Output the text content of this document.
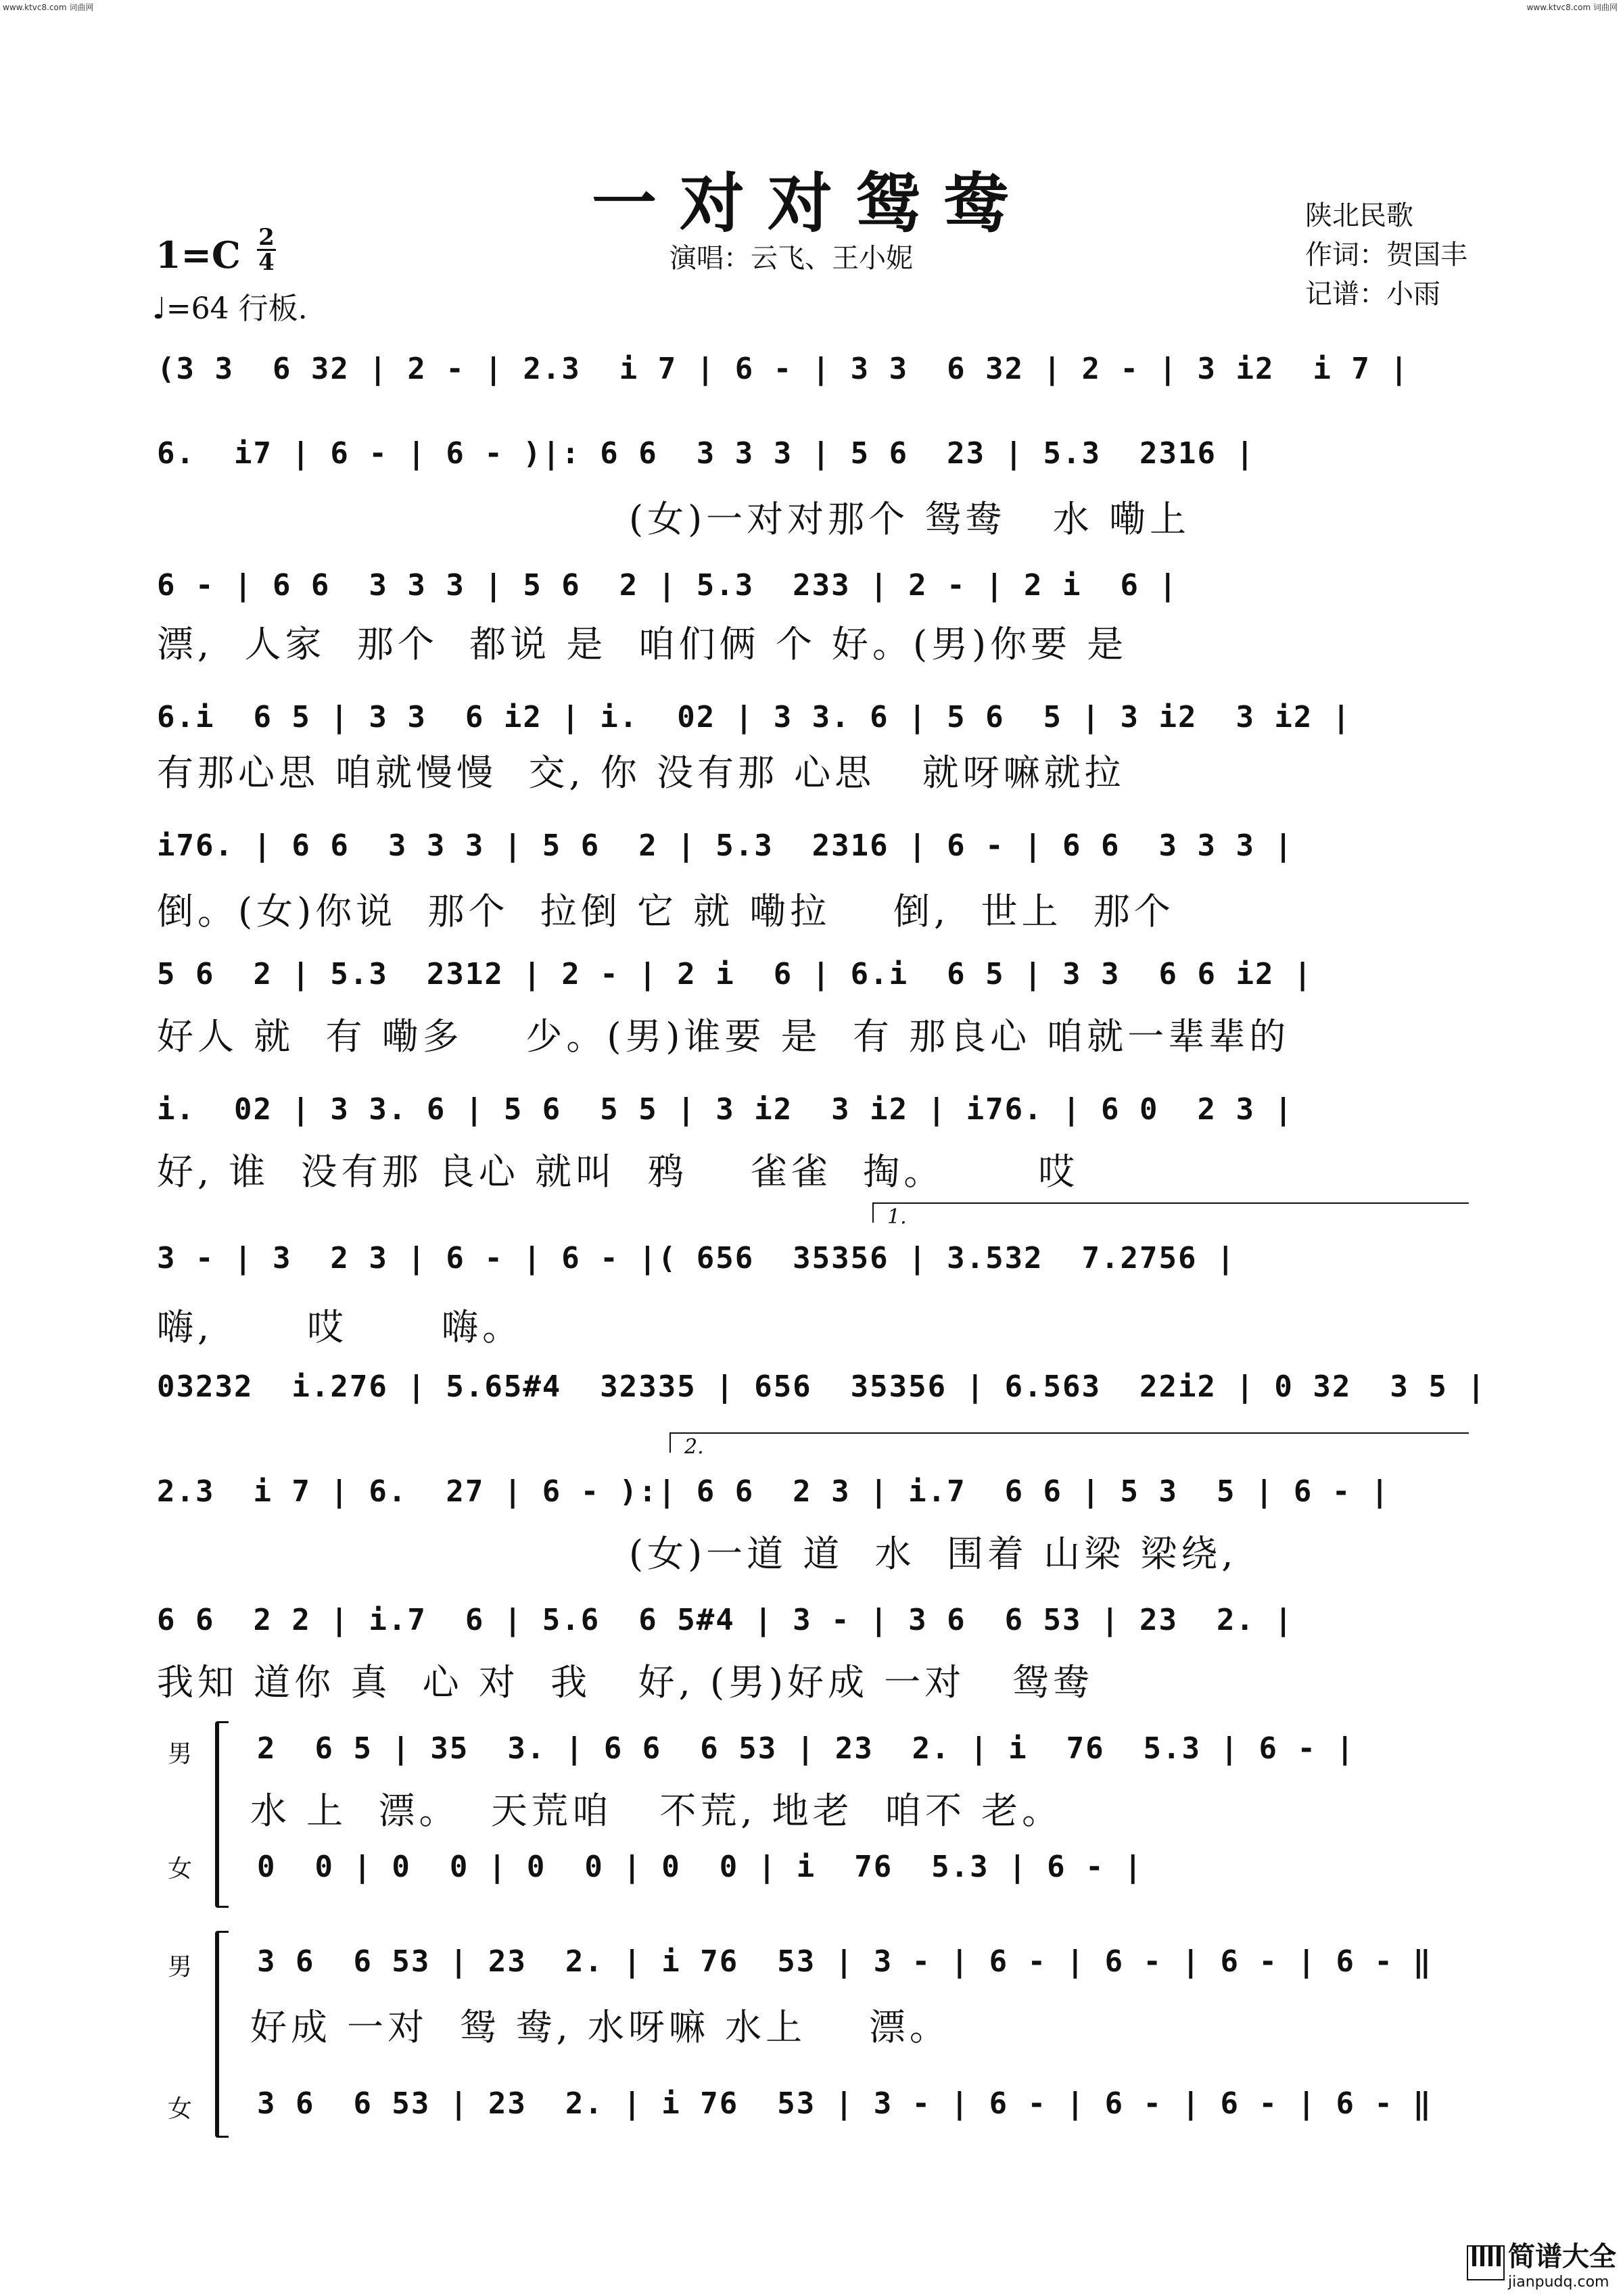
www.ktvc8.com 词曲网	www.ktvc8.com 词曲网
一对对鸳鸯	陕北民歌
作词：贺国丰
记谱：小雨
演唱：云飞、王小妮
1=C 2
4
♩=64 行板.
(3 3  6 32 | 2 - | 2.3  i 7 | 6 - | 3 3  6 32 | 2 - | 3 i2  i 7 |
6.  i7 | 6 - | 6 - )|: 6 6  3 3 3 | 5 6  23 | 5.3  2316 |
(女)一对对那个 鸳鸯   水 嘞上
6 - | 6 6  3 3 3 | 5 6  2 | 5.3  233 | 2 - | 2 i  6 |
漂,  人家  那个  都说 是  咱们俩 个 好。(男)你要 是
6.i  6 5 | 3 3  6 i2 | i.  02 | 3 3. 6 | 5 6  5 | 3 i2  3 i2 |
有那心思 咱就慢慢  交, 你 没有那 心思   就呀嘛就拉
i76. | 6 6  3 3 3 | 5 6  2 | 5.3  2316 | 6 - | 6 6  3 3 3 |
倒。(女)你说  那个  拉倒 它 就 嘞拉    倒,  世上  那个
5 6  2 | 5.3  2312 | 2 - | 2 i  6 | 6.i  6 5 | 3 3  6 6 i2 |
好人 就  有 嘞多    少。(男)谁要 是  有 那良心 咱就一辈辈的
i.  02 | 3 3. 6 | 5 6  5 5 | 3 i2  3 i2 | i76. | 6 0  2 3 |
好, 谁  没有那 良心 就叫  鸦    雀雀  掏。      哎
1.
3 - | 3  2 3 | 6 - | 6 - |( 656  35356 | 3.532  7.2756 |
嗨,      哎      嗨。
03232  i.276 | 5.65#4  32335 | 656  35356 | 6.563  22i2 | 0 32  3 5 |
2.
2.3  i 7 | 6.  27 | 6 - ):| 6 6  2 3 | i.7  6 6 | 5 3  5 | 6 - |
(女)一道 道  水  围着 山梁 梁绕,
6 6  2 2 | i.7  6 | 5.6  6 5#4 | 3 - | 3 6  6 53 | 23  2. |
我知 道你 真  心 对  我   好, (男)好成 一对   鸳鸯
男 2  6 5 | 35  3. | 6 6  6 53 | 23  2. | i  76  5.3 | 6 - |
水 上  漂。  天荒咱   不荒, 地老  咱不 老。
女 0  0 | 0  0 | 0  0 | 0  0 | i  76  5.3 | 6 - |
男 3 6  6 53 | 23  2. | i 76  53 | 3 - | 6 - | 6 - | 6 - | 6 - ‖
好成 一对  鸳 鸯, 水呀嘛 水上    漂。
女 3 6  6 53 | 23  2. | i 76  53 | 3 - | 6 - | 6 - | 6 - | 6 - ‖

简谱大全
jianpudq.com
